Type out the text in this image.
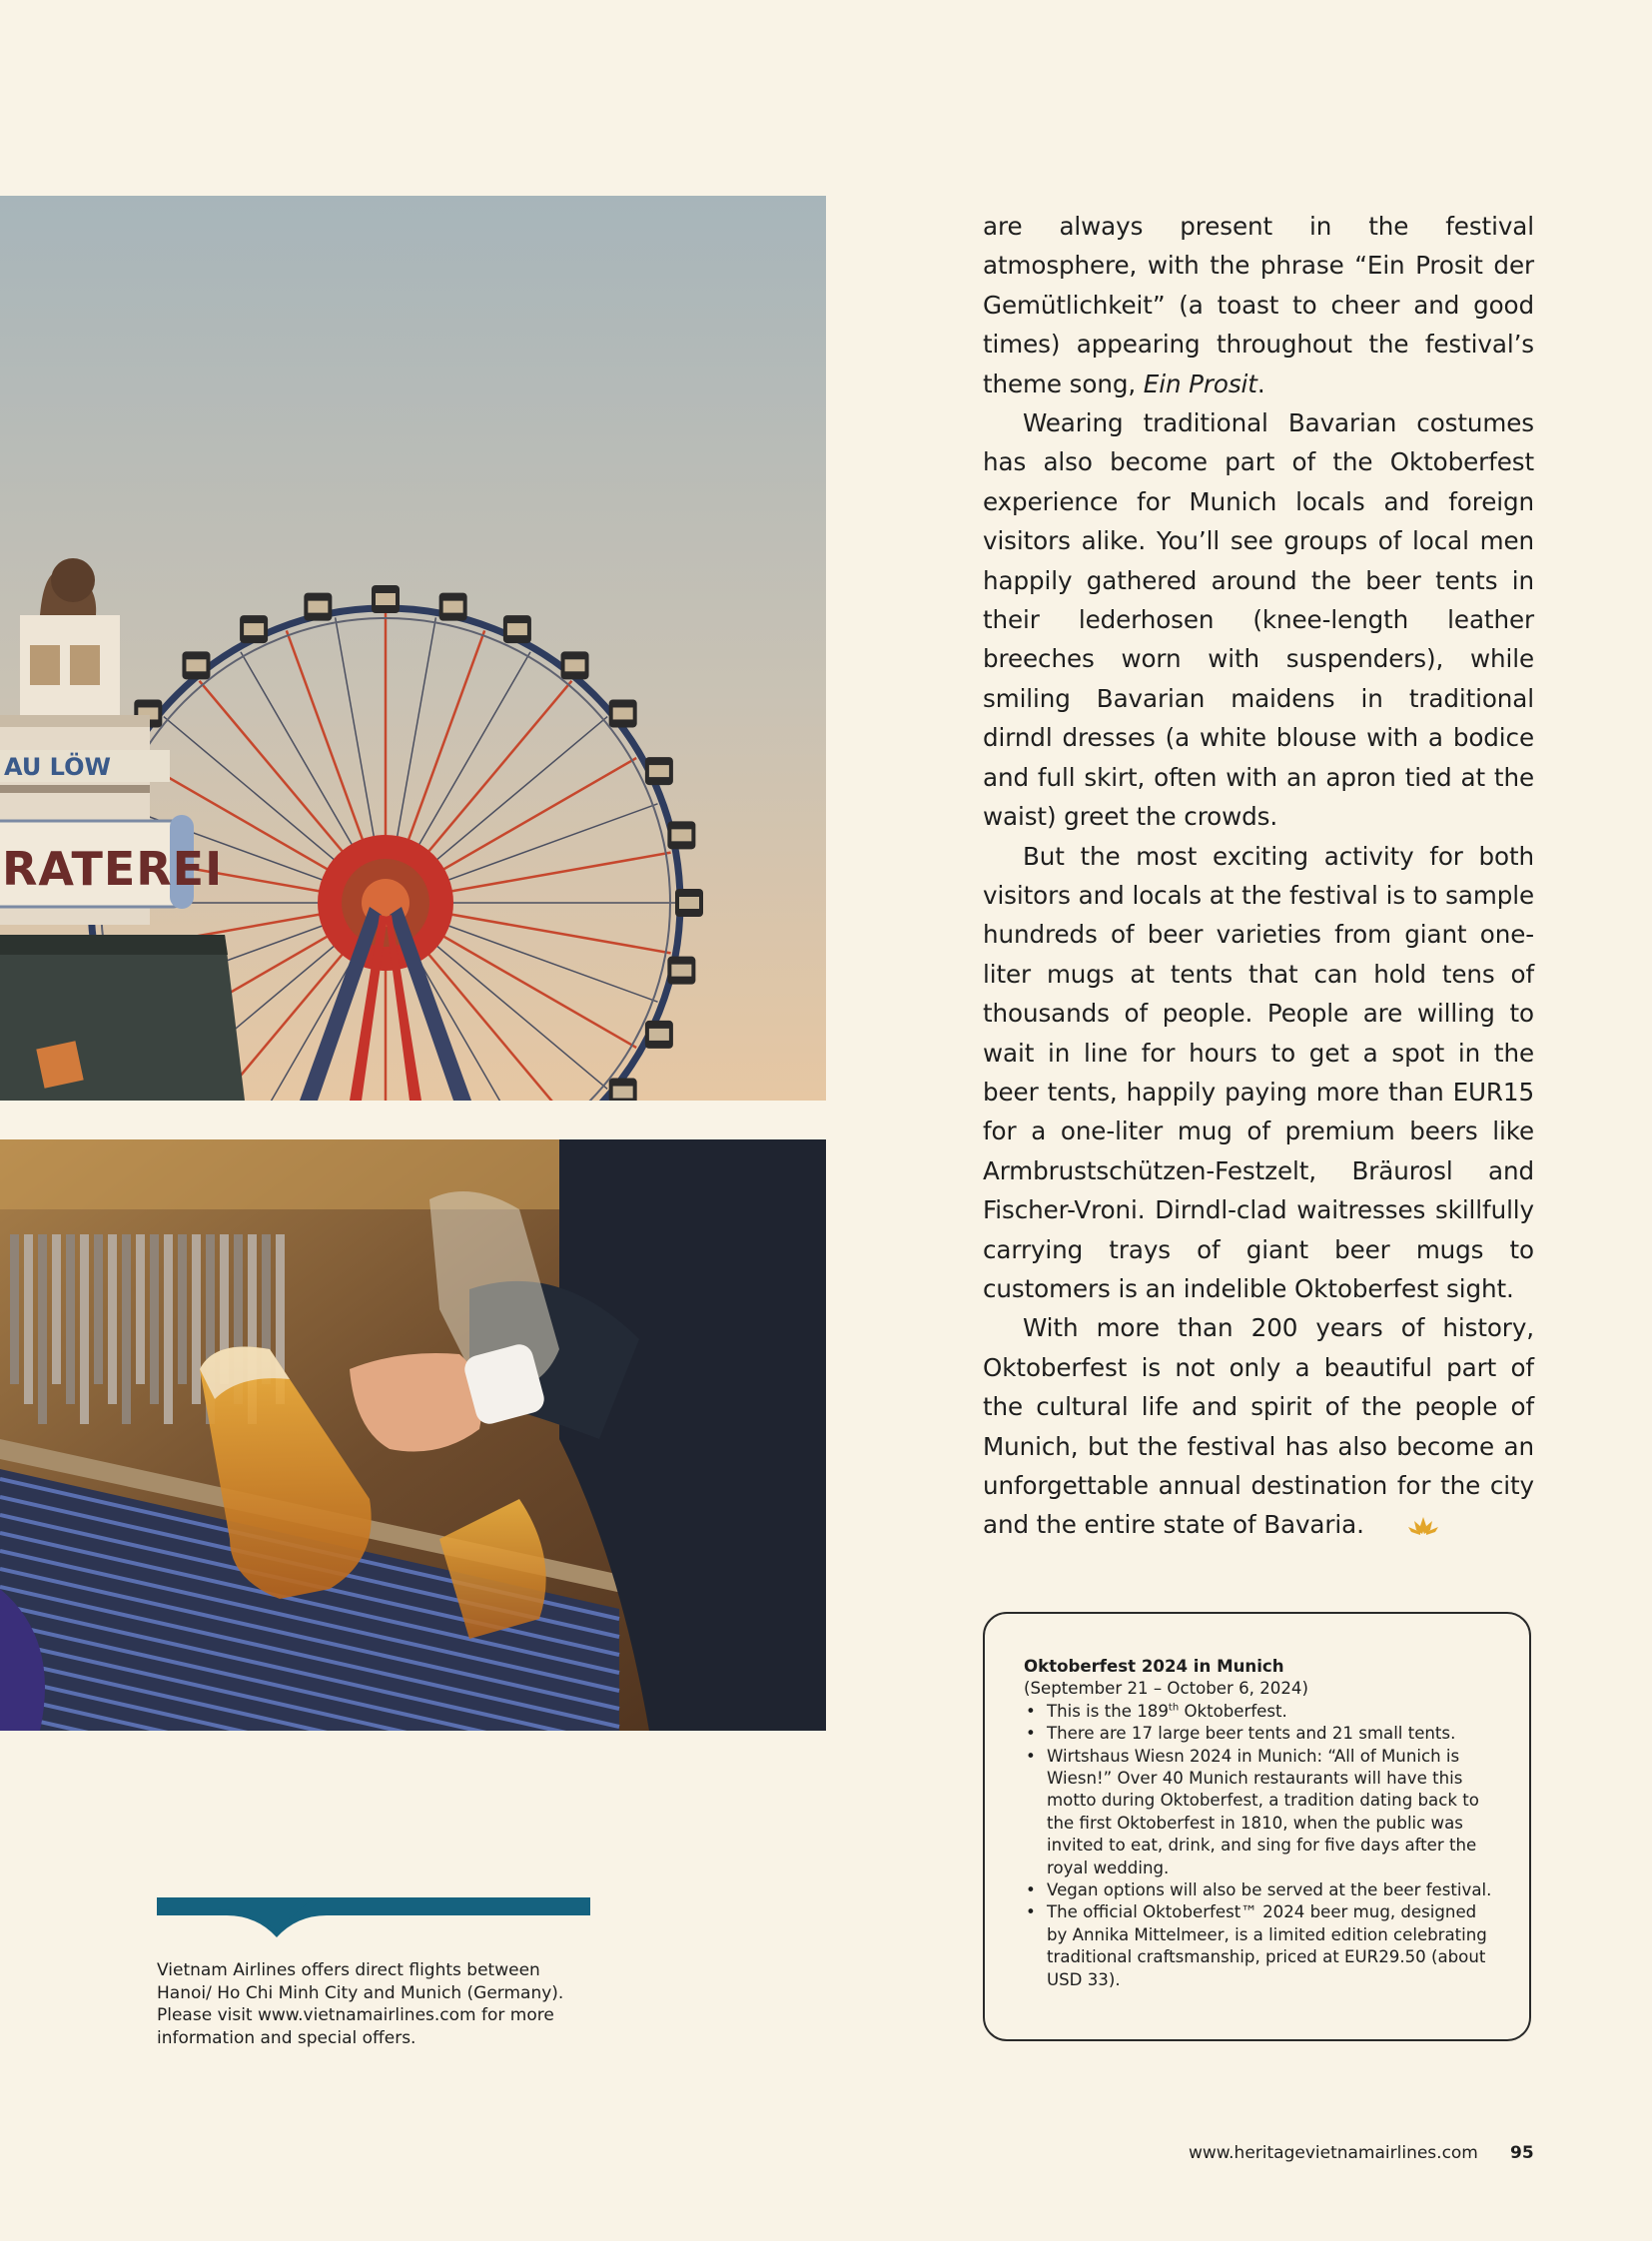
AU LÖW
RATEREI

are always present in the festival atmosphere, with the phrase “Ein Prosit der Gemütlichkeit” (a toast to cheer and good times) appearing throughout the festival’s theme song, Ein Prosit.

Wearing traditional Bavarian costumes has also become part of the Oktoberfest experience for Munich locals and foreign visitors alike. You’ll see groups of local men happily gathered around the beer tents in their lederhosen (knee-length leather breeches worn with suspenders), while smiling Bavarian maidens in traditional dirndl dresses (a white blouse with a bodice and full skirt, often with an apron tied at the waist) greet the crowds.

But the most exciting activity for both visitors and locals at the festival is to sample hundreds of beer varieties from giant one-liter mugs at tents that can hold tens of thousands of people. People are willing to wait in line for hours to get a spot in the beer tents, happily paying more than EUR15 for a one-liter mug of premium beers like Armbrustschützen-Festzelt, Bräurosl and Fischer-Vroni. Dirndl-clad waitresses skillfully carrying trays of giant beer mugs to customers is an indelible Oktoberfest sight.

With more than 200 years of history, Oktoberfest is not only a beautiful part of the cultural life and spirit of the people of Munich, but the festival has also become an unforgettable annual destination for the city and the entire state of Bavaria.

Oktoberfest 2024 in Munich
(September 21 – October 6, 2024)
• This is the 189th Oktoberfest.
• There are 17 large beer tents and 21 small tents.
• Wirtshaus Wiesn 2024 in Munich: “All of Munich is Wiesn!” Over 40 Munich restaurants will have this motto during Oktoberfest, a tradition dating back to the first Oktoberfest in 1810, when the public was invited to eat, drink, and sing for five days after the royal wedding.
• Vegan options will also be served at the beer festival.
• The official Oktoberfest™ 2024 beer mug, designed by Annika Mittelmeer, is a limited edition celebrating traditional craftsmanship, priced at EUR29.50 (about USD 33).
Vietnam Airlines offers direct flights between Hanoi/ Ho Chi Minh City and Munich (Germany). Please visit www.vietnamairlines.com for more information and special offers.
www.heritagevietnamairlines.com 95
